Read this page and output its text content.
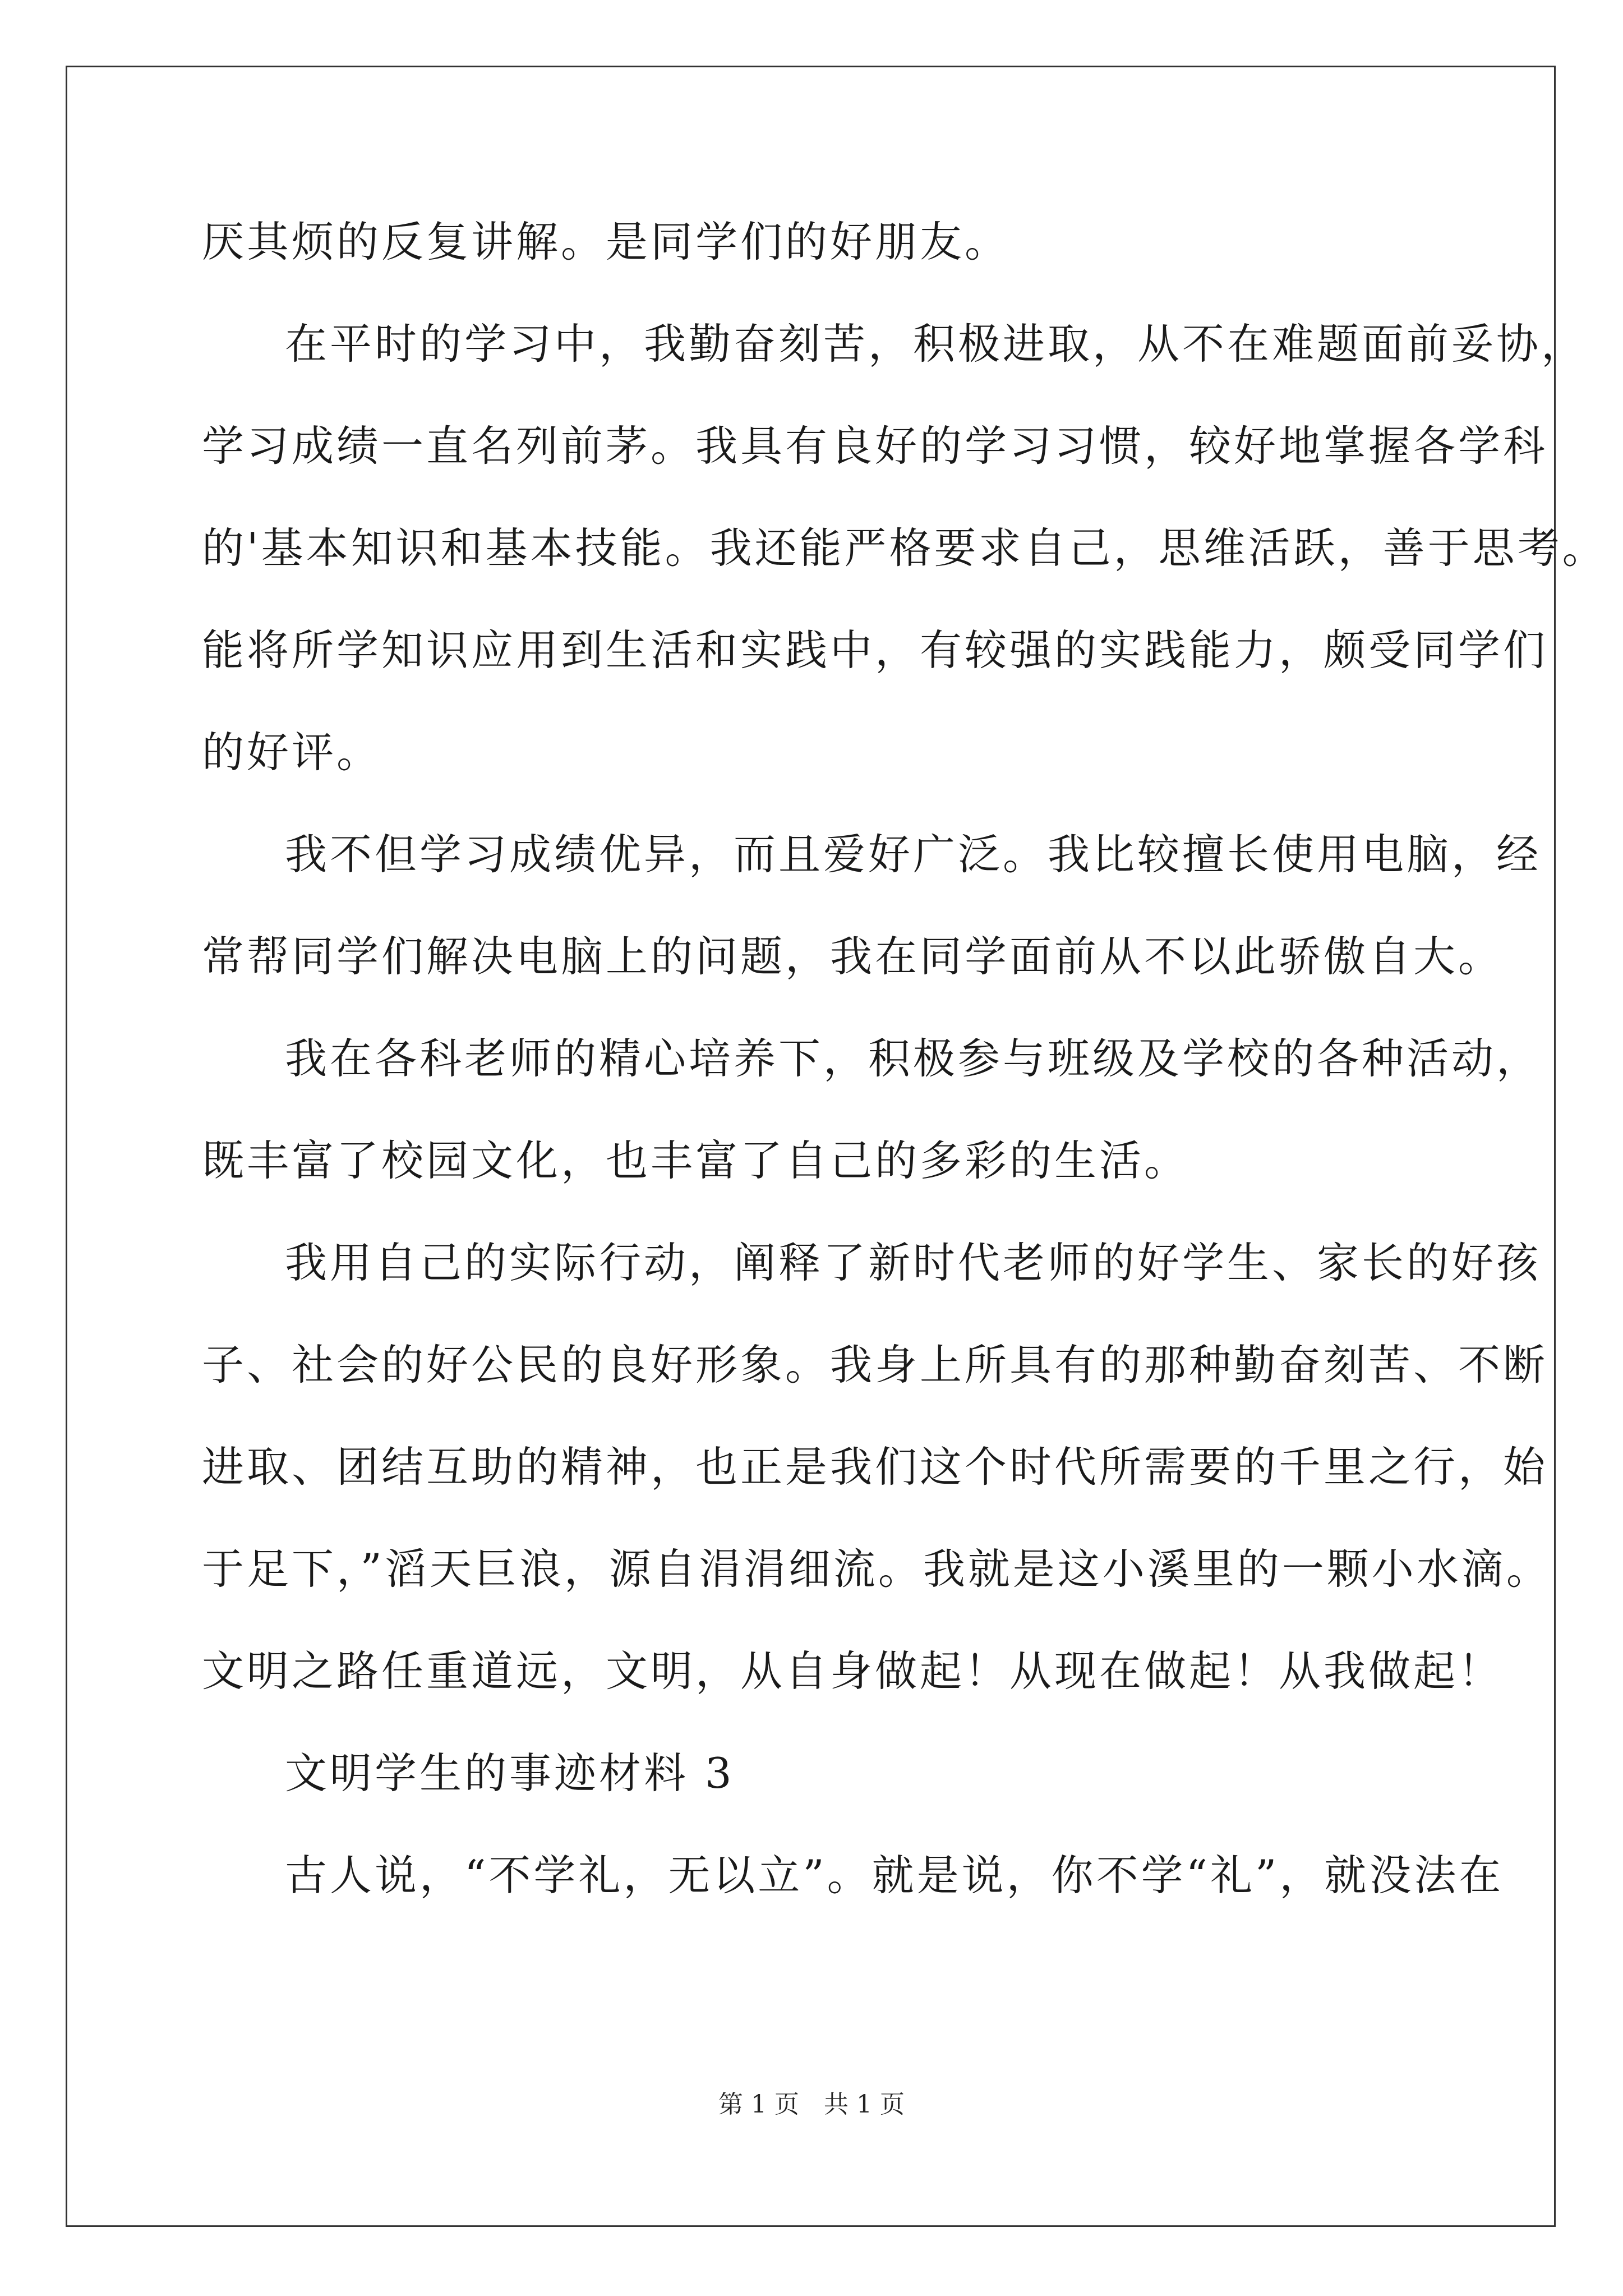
厌其烦的反复讲解。是同学们的好朋友。
在平时的学习中，我勤奋刻苦，积极进取，从不在难题面前妥协，
学习成绩一直名列前茅。我具有良好的学习习惯，较好地掌握各学科
的'基本知识和基本技能。我还能严格要求自己，思维活跃，善于思考。
能将所学知识应用到生活和实践中，有较强的实践能力，颇受同学们
的好评。
我不但学习成绩优异，而且爱好广泛。我比较擅长使用电脑，经
常帮同学们解决电脑上的问题，我在同学面前从不以此骄傲自大。
我在各科老师的精心培养下，积极参与班级及学校的各种活动，
既丰富了校园文化，也丰富了自己的多彩的生活。
我用自己的实际行动，阐释了新时代老师的好学生、家长的好孩
子、社会的好公民的良好形象。我身上所具有的那种勤奋刻苦、不断
进取、团结互助的精神，也正是我们这个时代所需要的千里之行，始
于足下，”滔天巨浪，源自涓涓细流。我就是这小溪里的一颗小水滴。
文明之路任重道远，文明，从自身做起！从现在做起！从我做起！
文明学生的事迹材料 3
古人说，“不学礼，无以立”。就是说，你不学“礼”，就没法在
第 1 页 共 1 页
